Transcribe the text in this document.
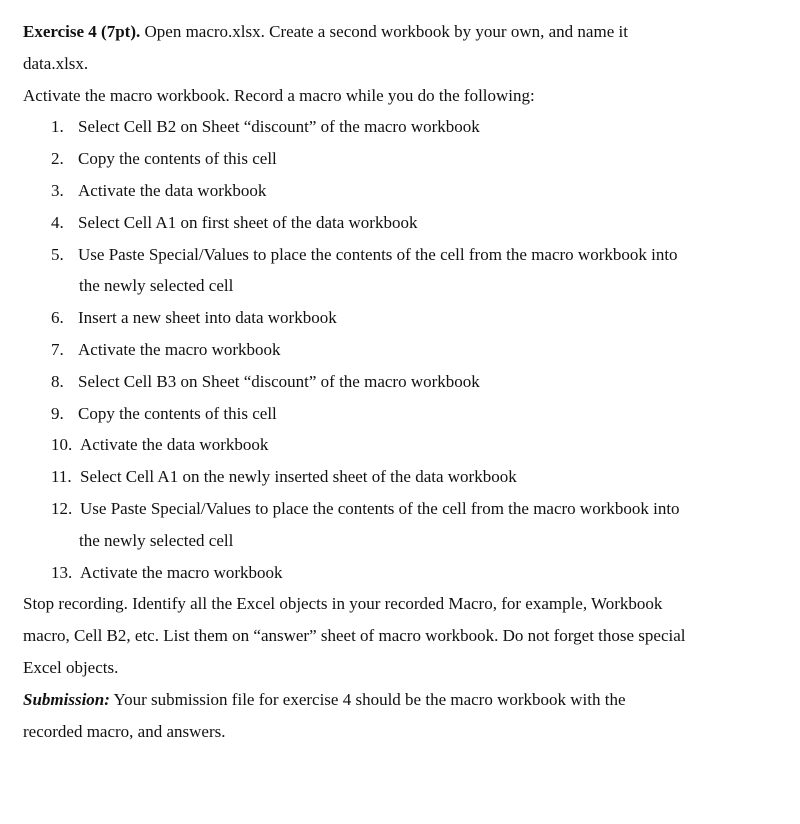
Exercise 4 (7pt). Open macro.xlsx. Create a second workbook by your own, and name it
data.xlsx.
Activate the macro workbook. Record a macro while you do the following:
1. Select Cell B2 on Sheet “discount” of the macro workbook
2. Copy the contents of this cell
3. Activate the data workbook
4. Select Cell A1 on first sheet of the data workbook
5. Use Paste Special/Values to place the contents of the cell from the macro workbook into
the newly selected cell
6. Insert a new sheet into data workbook
7. Activate the macro workbook
8. Select Cell B3 on Sheet “discount” of the macro workbook
9. Copy the contents of this cell
10. Activate the data workbook
11. Select Cell A1 on the newly inserted sheet of the data workbook
12. Use Paste Special/Values to place the contents of the cell from the macro workbook into
the newly selected cell
13. Activate the macro workbook
Stop recording. Identify all the Excel objects in your recorded Macro, for example, Workbook
macro, Cell B2, etc. List them on “answer” sheet of macro workbook. Do not forget those special
Excel objects.
Submission: Your submission file for exercise 4 should be the macro workbook with the
recorded macro, and answers.
